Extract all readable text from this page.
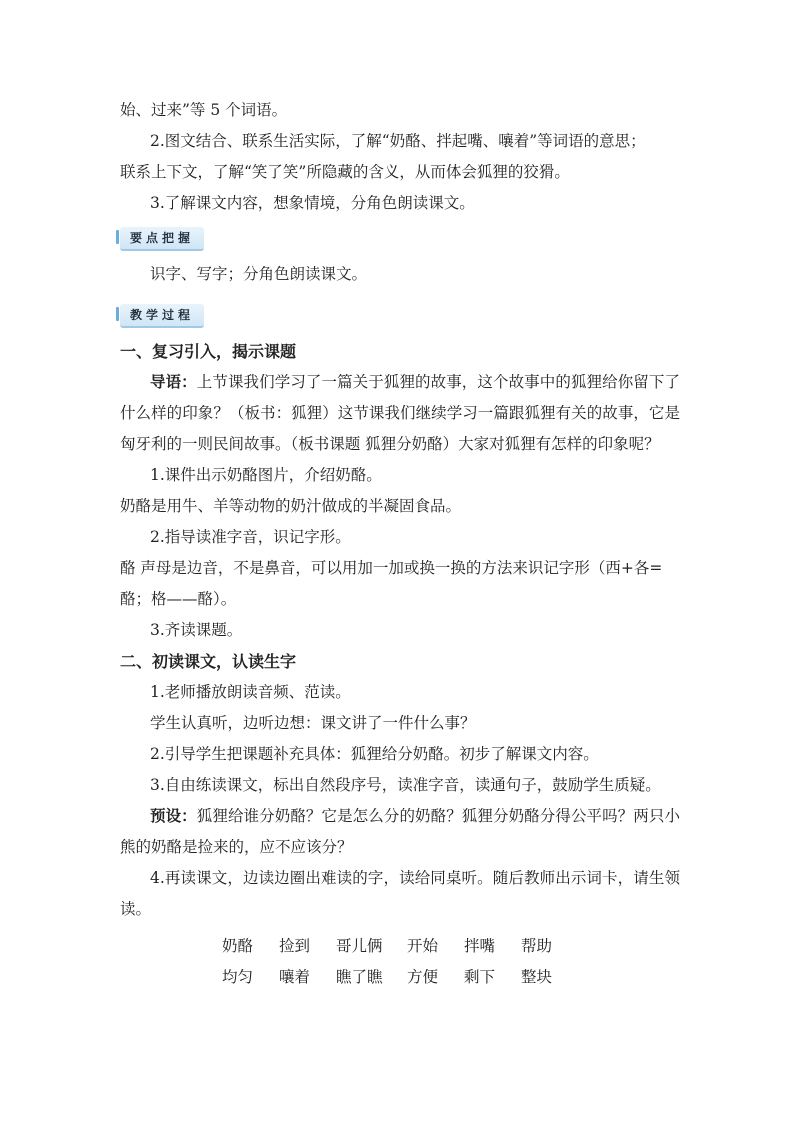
始、过来”等 5 个词语。
2.图文结合、联系生活实际，了解“奶酪、拌起嘴、嚷着”等词语的意思；
联系上下文，了解“笑了笑”所隐藏的含义，从而体会狐狸的狡猾。
3.了解课文内容，想象情境，分角色朗读课文。
要点把握
识字、写字；分角色朗读课文。
教学过程
一、复习引入，揭示课题
导语：上节课我们学习了一篇关于狐狸的故事，这个故事中的狐狸给你留下了什么样的印象？（板书：狐狸）这节课我们继续学习一篇跟狐狸有关的故事，它是匈牙利的一则民间故事。（板书课题 狐狸分奶酪）大家对狐狸有怎样的印象呢？
1.课件出示奶酪图片，介绍奶酪。
奶酪是用牛、羊等动物的奶汁做成的半凝固食品。
2.指导读准字音，识记字形。
酪 声母是边音，不是鼻音，可以用加一加或换一换的方法来识记字形（西+各=
酪；格——酪）。
3.齐读课题。
二、初读课文，认读生字
1.老师播放朗读音频、范读。
学生认真听，边听边想：课文讲了一件什么事？
2.引导学生把课题补充具体：狐狸给分奶酪。初步了解课文内容。
3.自由练读课文，标出自然段序号，读准字音，读通句子，鼓励学生质疑。
预设：狐狸给谁分奶酪？它是怎么分的奶酪？狐狸分奶酪分得公平吗？两只小熊的奶酪是捡来的，应不应该分？
4.再读课文，边读边圈出难读的字，读给同桌听。随后教师出示词卡，请生领读。
奶酪	捡到	哥儿俩	开始	拌嘴	帮助
均匀	嚷着	瞧了瞧	方便	剩下	整块
